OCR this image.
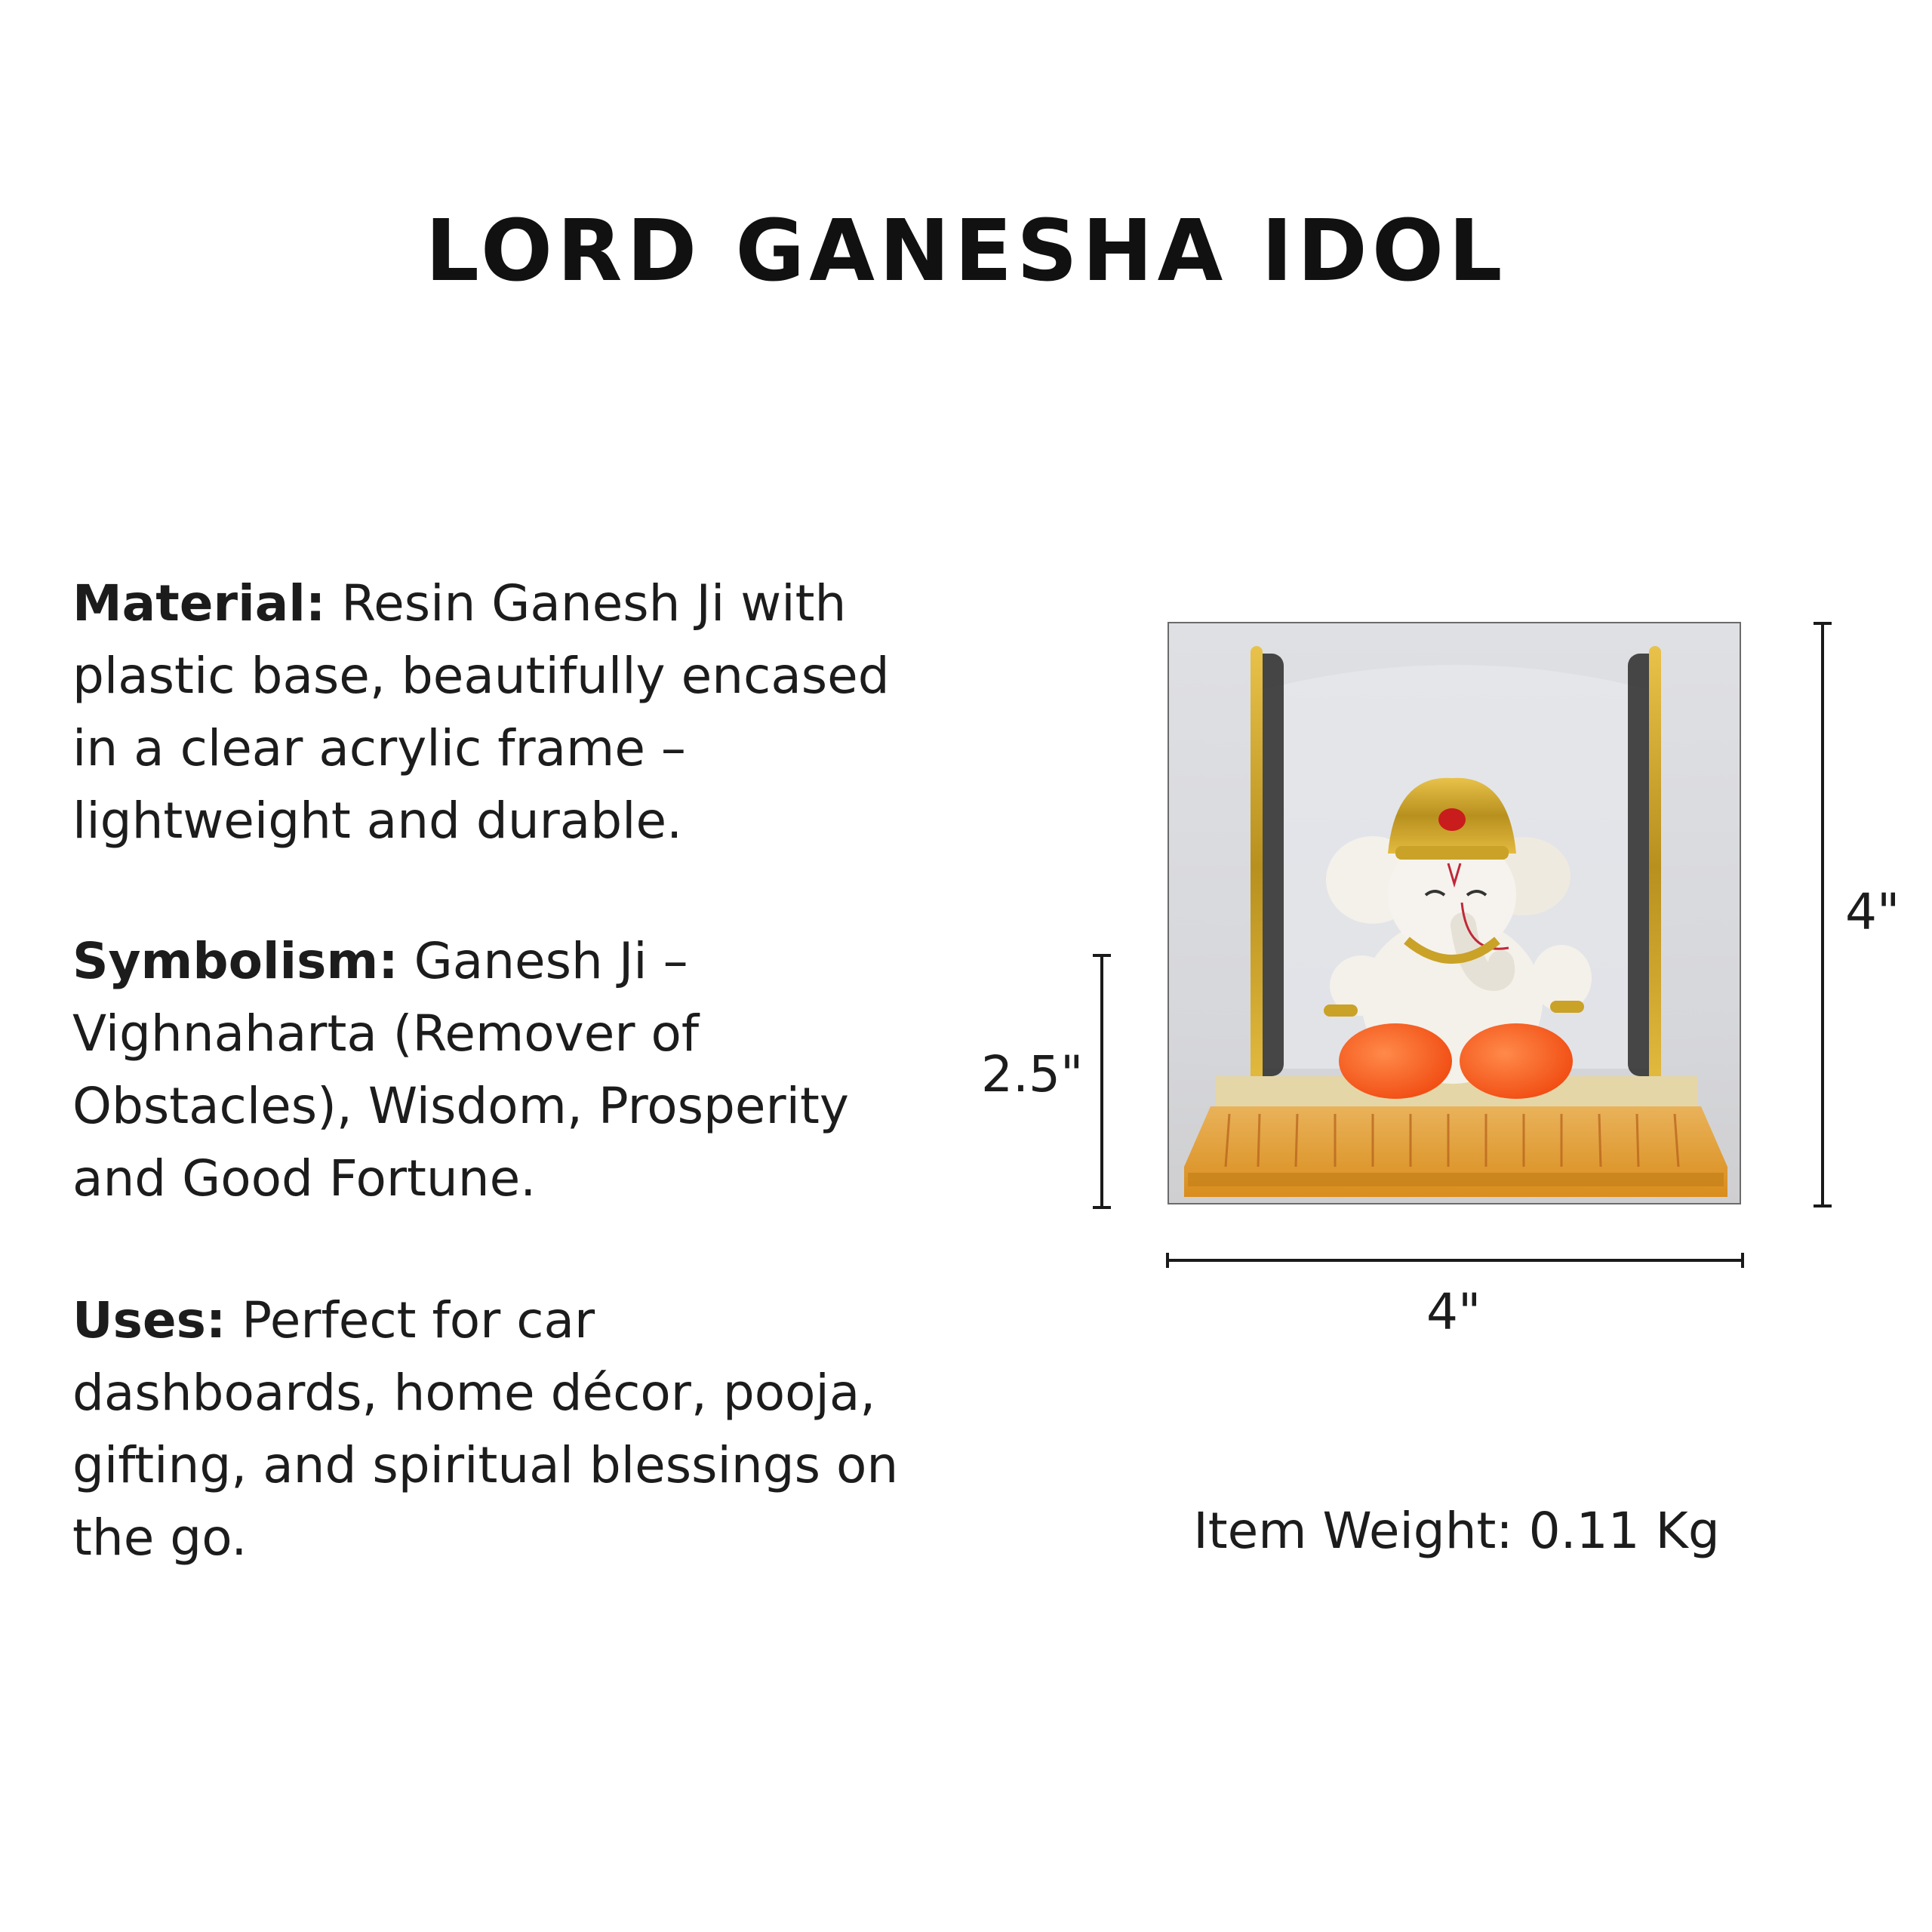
LORD GANESHA IDOL
Material: Resin Ganesh Ji with plastic base, beautifully encased in a clear acrylic frame – lightweight and durable.
Symbolism: Ganesh Ji – Vighnaharta (Remover of Obstacles), Wisdom, Prosperity and Good Fortune.
Uses: Perfect for car dashboards, home décor, pooja, gifting, and spiritual blessings on the go.
4"
2.5"
4"
Item Weight: 0.11 Kg
